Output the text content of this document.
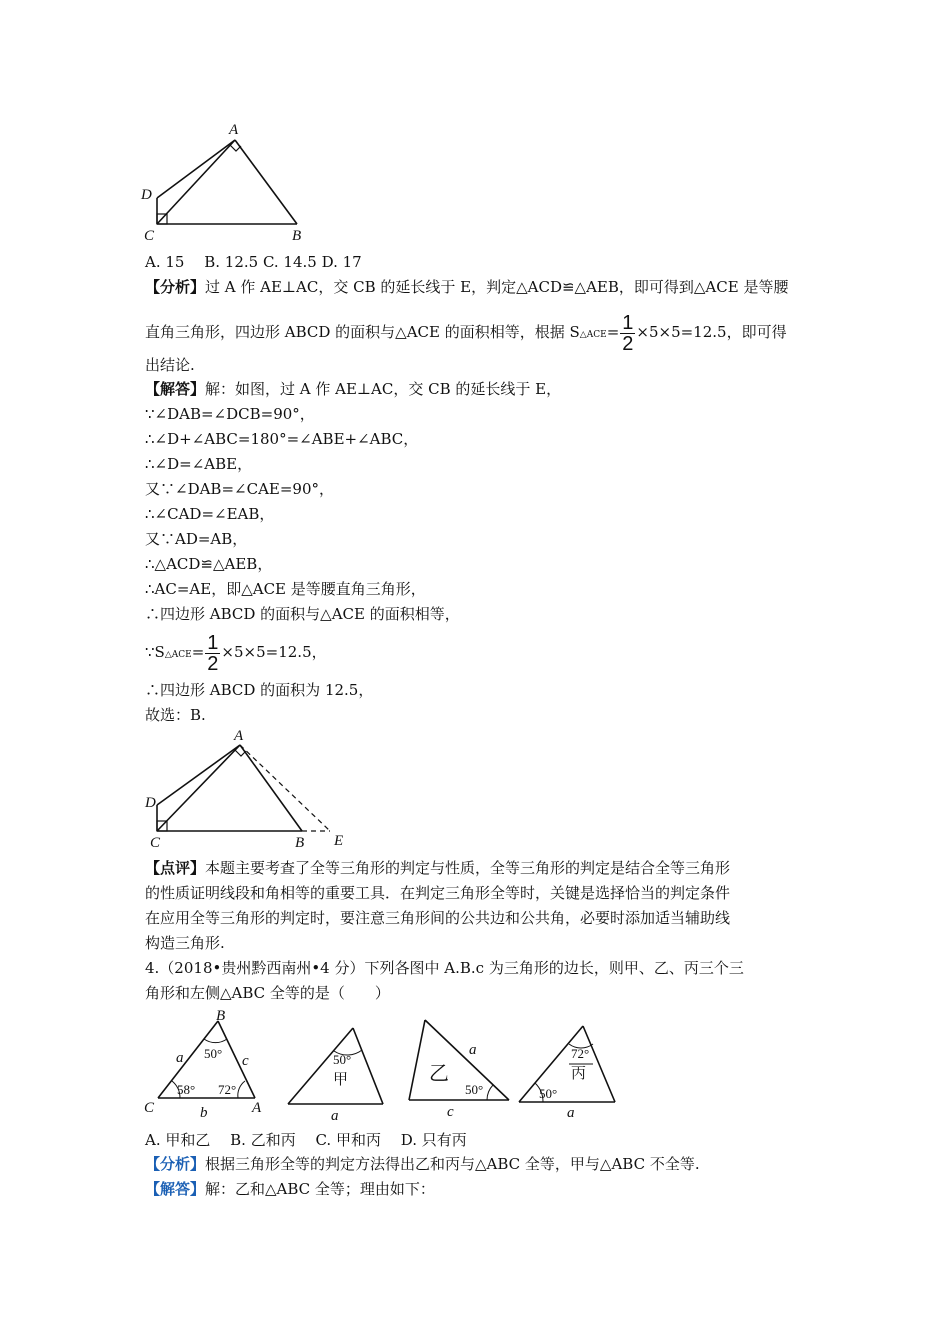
A
D
C	B
A. 15　 B. 12.5 C. 14.5 D. 17
【分析】过 A 作 AE⊥AC，交 CB 的延长线于 E，判定△ACD≌△AEB，即可得到△ACE 是等腰
直角三角形，四边形 ABCD 的面积与△ACE 的面积相等，根据 S△ACE= $\frac{1}{2} \times 5\times 5=12.5$，即可得
出结论.
【解答】解：如图，过 A 作 AE⊥AC，交 CB 的延长线于 E，
∵∠DAB=∠DCB=90°，
∴∠D+∠ABC=180°=∠ABE+∠ABC，
∴∠D=∠ABE，
又∵∠DAB=∠CAE=90°，
∴∠CAD=∠EAB，
又∵AD=AB，
∴△ACD≌△AEB，
∴AC=AE，即△ACE 是等腰直角三角形，
∴四边形 ABCD 的面积与△ACE 的面积相等，
∵S△ACE= $\frac{1}{2} \times 5\times 5=12.5$，
∴四边形 ABCD 的面积为 12.5，
故选：B.
A
D
C	B E
【点评】本题主要考查了全等三角形的判定与性质，全等三角形的判定是结合全等三角形
的性质证明线段和角相等的重要工具．在判定三角形全等时，关键是选择恰当的判定条件
在应用全等三角形的判定时，要注意三角形间的公共边和公共角，必要时添加适当辅助线
构造三角形.
4.（2018•贵州黔西南州•4 分）下列各图中 A.B.c 为三角形的边长，则甲、乙、丙三个三
角形和左侧△ABC 全等的是（　　）
B
C	A
a	c
b
50°
58° 72°
50°
甲
a
a
乙
50°
c
72°
丙
50°
a
A. 甲和乙　 B. 乙和丙　 C. 甲和丙　 D. 只有丙
【分析】根据三角形全等的判定方法得出乙和丙与△ABC 全等，甲与△ABC 不全等.
【解答】解：乙和△ABC 全等；理由如下：
